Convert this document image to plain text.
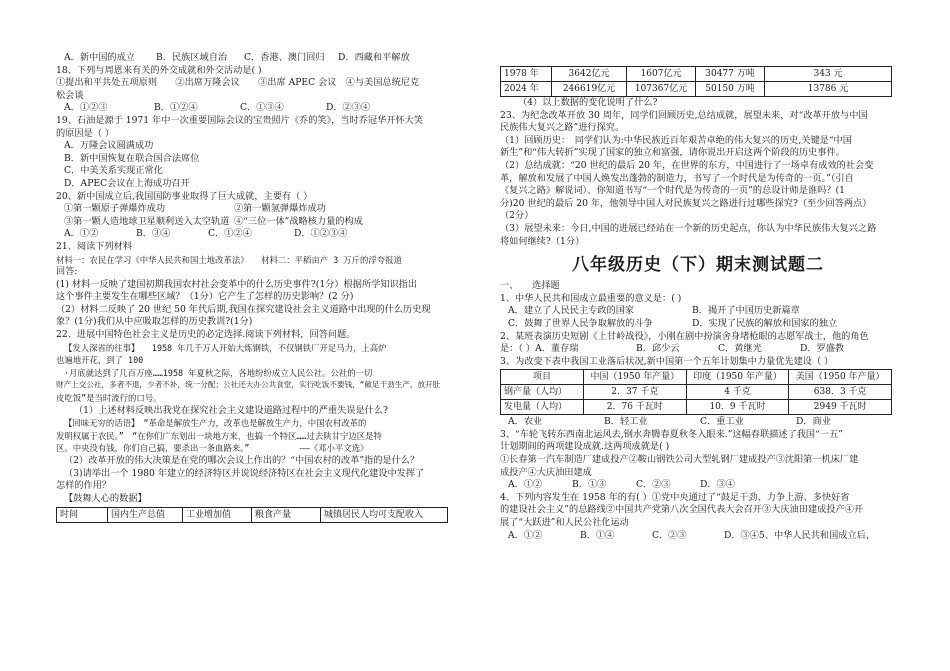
A．新中国的成立	B．民族区域自治	C．香港、澳门回归	D．西藏和平解放
18、下列与周恩来有关的外交成就和外交活动是( )
①提出和平共处五项原则　　②出席万隆会议　　③出席 APEC 会议　④与美国总统尼克
松会谈
A．①②③	B．①②④	C．①③④	D．②③④
19、石油是源于 1971 年中一次重要国际会议的宝贵照片《乔的笑》，当时乔冠华开怀大笑
的原因是（ ）
A．万隆会议圆满成功
B．新中国恢复在联合国合法席位
C．中美关系实现正常化
D．APEC会议在上海成功召开
20、新中国成立后,我国国防事业取得了巨大成就，主要有（ ）
①第一颗原子弹爆炸成功	②第一颗氢弹爆炸成功
③第一颗人造地球卫星顺利送入太空轨道 ④“三位一体”战略核力量的构成
A．①②	B．③④	C．①②④	D．①②③④
21、阅读下列材料
材料一：农民在学习《中华人民共和国土地改革法》　　材料二：平稻亩产 3 万斤的浮夸报道
回答:
(1) 材料一反映了建国初期我国农村社会变革中的什么历史事件?(1分）根据所学知识指出
这个事件主要发生在哪些区域？（1分）它产生了怎样的历史影响？(2 分)
（2）材料二反映了 20 世纪 50 年代后期,我国在探究建设社会主义道路中出现的什么历史现
象？(1分)我们从中应吸取怎样的历史教训?(1分)
22、进展中国特色社会主义是历史的必定选择.阅读下列材料，回答问题。
【发人深省的往事】　　1958 年几千万人开始大炼钢铁，不仅钢铁厂开足马力，上高炉
也遍地开花，到了 100
·月底就达到了几百万座……1958 年夏秋之际，各地纷纷成立人民公社。公社的一切
财产上交公社，多者不退，少者不补，统一分配；公社还大办公共食堂，实行吃饭不要钱，“敞足干劲生产，放开肚
皮吃饭”是当时流行的口号。
（1）上述材料反映出我党在探究社会主义建设道路过程中的严重失误是什么?
【回味无穷的话语】　“革命是解放生产力，改革也是解放生产力，中国农村改革的
发明权属于农民。”　“在你们广东划出一块地方来，也搞一个特区……过去陕甘宁边区是特
区。中央没有钱，你们自己搞，要杀出一条血路来。”　　　　　　——《邓小平文选》
（2）改革开放的伟大决策是在党的哪次会议上作出的？“中国农村的改革”指的是什么？
（3)请举出一个 1980 年建立的经济特区并说说经济特区在社会主义现代化建设中发挥了
怎样的作用？
【鼓舞人心的数据】
时间	国内生产总值	工业增加值	粮食产量	城镇居民人均可支配收入
1978 年	3642亿元	1607亿元	30477 万吨	343 元
2024 年	246619亿元	107367亿元	50150 万吨	13786 元
（4）以上数据的变化说明了什么?
23、为纪念改革开放 30 周年，同学们回顾历史,总结成就，展望未来，对“改革开放与中国
民族伟大复兴之路”进行探究。
（1）回顾历史：　同学们认为:中华民族近百年艰苦卓绝的伟大复兴的历史,关键是“中国
新生”和“伟大转折”实现了国家的独立和富强，请你说出开启这两个阶段的历史事件。
（2）总结成就：“20 世纪的最后 20 年，在世界的东方，中国进行了一场卓有成效的社会变
革，解放和发展了中国人焕发出蓬勃的制造力，书写了一个时代是为传奇的一页。”（引自
《复兴之路》解说词）、你知道书写“一个时代是为传奇的一页”的总设计师是谁吗？(1
分)20 世纪的最后 20 年，他领导中国人对民族复兴之路进行过哪些探究?（至少回答两点）
（2分）
（3）展望未来：今日,中国的进展已经站在一个新的历史起点，你认为中华民族伟大复兴之路
将如何继续?（1分）
八年级历史（下）期末测试题二
一、　　选择题
1、中华人民共和国成立最重要的意义是：( )
A．建立了人民民主专政的国家	B．揭开了中国历史新篇章
C．鼓舞了世界人民争取解放的斗争	D．实现了民族的解放和国家的独立
2、某班表演历史短剧《上甘岭战役》，小刚在剧中扮演舍身堵枪眼的志愿军战士，他的角色
是：（ ）A．董存瑞	B．邱少云	C．黄继光	D．罗盛教
3、为改变下表中我国工业落后状况,新中国第一个五年计划集中力量优先建设（ ）
项目	中国（1950 年产量）	印度（1950 年产量）	美国（1950 年产量）
钢产量（人均）	2．37 千克	4 千克	638．3 千克
发电量（人均）	2．76 千瓦时	10．9 千瓦时	2949 千瓦时
A．农业	B．轻工业	C．重工业	D．商业
3、“车轮飞转东西南北运风去,钢水奔腾春夏秋冬入眼来.”这幅春联描述了我国“一五”
计划期间的两项建设成就.这两项成就是( )
①长春第一汽车制造厂建成投产②鞍山钢铁公司大型轧钢厂建成投产③沈阳第一机床厂建
成投产④大庆油田建成
A．①②	B．①③	C．②③	D．③④
4、下列内容发生在 1958 年的有( ）①党中央通过了“鼓足干劲、力争上游、多快好省
的建设社会主义”的总路线②中国共产党第八次全国代表大会召开③大庆油田建成投产④开
展了“大跃进”和人民公社化运动
A．①②	B．①④	C．②③	D．③④5、中华人民共和国成立后，
